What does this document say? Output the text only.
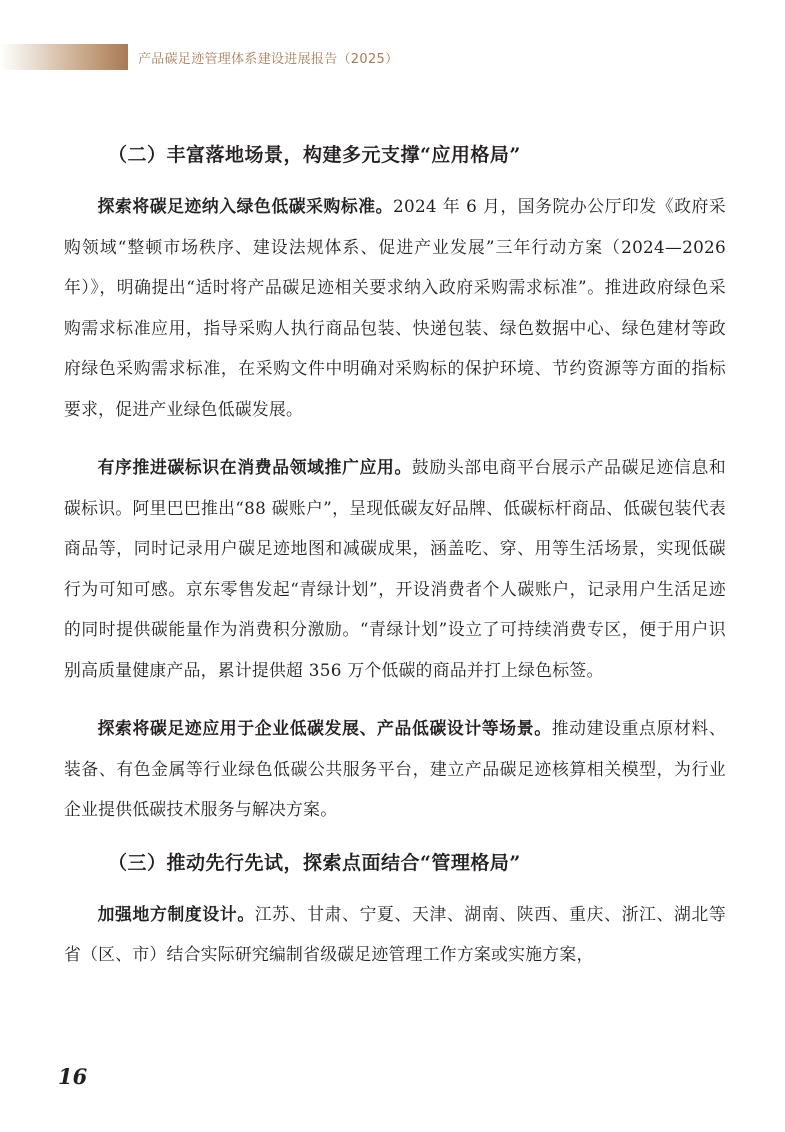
产品碳足迹管理体系建设进展报告（2025）
（二）丰富落地场景，构建多元支撑“应用格局”

探索将碳足迹纳入绿色低碳采购标准。2024 年 6 月，国务院办公厅印发《政府采购领域“整顿市场秩序、建设法规体系、促进产业发展”三年行动方案（2024—2026 年）》，明确提出“适时将产品碳足迹相关要求纳入政府采购需求标准”。推进政府绿色采购需求标准应用，指导采购人执行商品包装、快递包装、绿色数据中心、绿色建材等政府绿色采购需求标准，在采购文件中明确对采购标的保护环境、节约资源等方面的指标要求，促进产业绿色低碳发展。

有序推进碳标识在消费品领域推广应用。鼓励头部电商平台展示产品碳足迹信息和碳标识。阿里巴巴推出“88 碳账户”，呈现低碳友好品牌、低碳标杆商品、低碳包装代表商品等，同时记录用户碳足迹地图和减碳成果，涵盖吃、穿、用等生活场景，实现低碳行为可知可感。京东零售发起“青绿计划”，开设消费者个人碳账户，记录用户生活足迹的同时提供碳能量作为消费积分激励。“青绿计划”设立了可持续消费专区，便于用户识别高质量健康产品，累计提供超 356 万个低碳的商品并打上绿色标签。

探索将碳足迹应用于企业低碳发展、产品低碳设计等场景。推动建设重点原材料、装备、有色金属等行业绿色低碳公共服务平台，建立产品碳足迹核算相关模型，为行业企业提供低碳技术服务与解决方案。

（三）推动先行先试，探索点面结合“管理格局”

加强地方制度设计。江苏、甘肃、宁夏、天津、湖南、陕西、重庆、浙江、湖北等省（区、市）结合实际研究编制省级碳足迹管理工作方案或实施方案，

16
